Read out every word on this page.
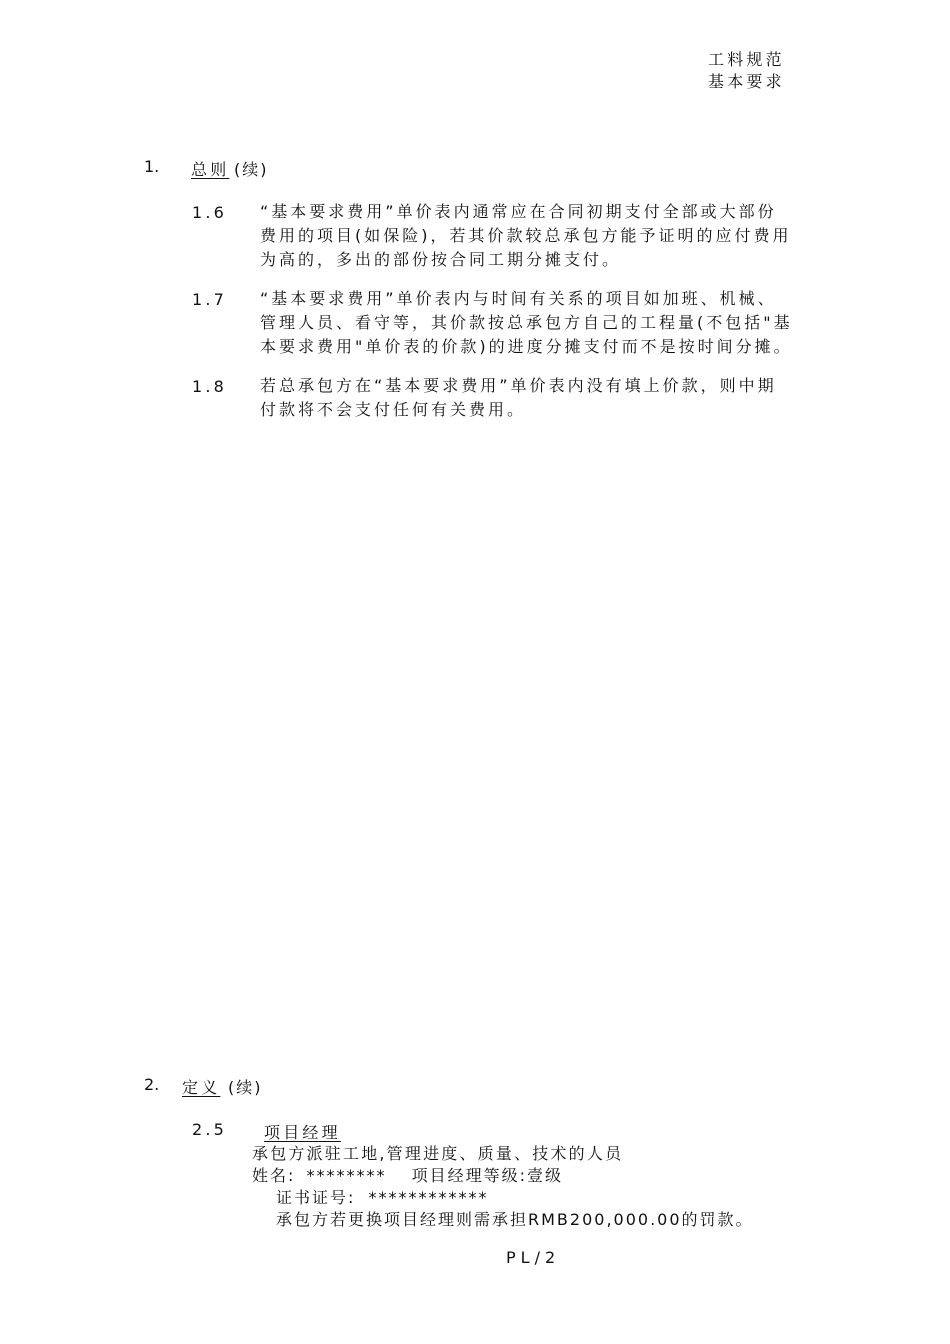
工料规范
基本要求
1. 总则 (续)
1.6 “基本要求费用”单价表内通常应在合同初期支付全部或大部份
费用的项目(如保险)，若其价款较总承包方能予证明的应付费用
为高的，多出的部份按合同工期分摊支付。
1.7 “基本要求费用”单价表内与时间有关系的项目如加班、机械、
管理人员、看守等，其价款按总承包方自己的工程量(不包括"基
本要求费用"单价表的价款)的进度分摊支付而不是按时间分摊。
1.8 若总承包方在“基本要求费用”单价表内没有填上价款，则中期
付款将不会支付任何有关费用。
2. 定义 (续)
2.5 项目经理
承包方派驻工地,管理进度、质量、技术的人员
姓名: ******** 项目经理等级:壹级
证书证号: ************
承包方若更换项目经理则需承担RMB200,000.00的罚款。
PL/2
